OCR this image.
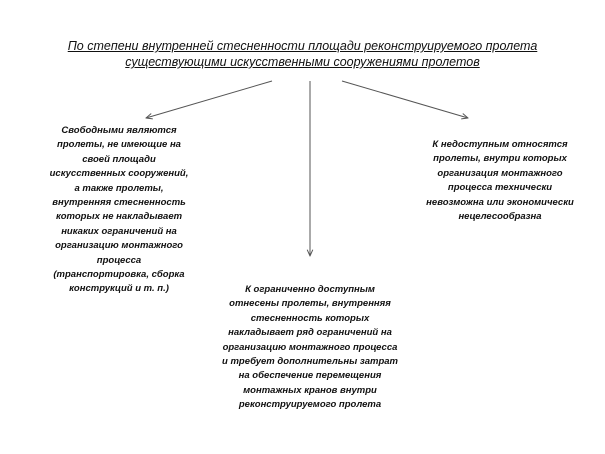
По степени внутренней стесненности площади реконструируемого пролета
существующими искусственными сооружениями пролетов
Свободными являются
пролеты, не имеющие на
своей площади
искусственных сооружений,
а также пролеты,
внутренняя стесненность
которых не накладывает
никаких ограничений на
организацию монтажного
процесса
(транспортировка, сборка
конструкций и т. п.)
К недоступным относятся
пролеты, внутри которых
организация монтажного
процесса технически
невозможна или экономически
нецелесообразна
К ограниченно доступным
отнесены пролеты, внутренняя
стесненность которых
накладывает ряд ограничений на
организацию монтажного процесса
и требует дополнительны затрат
на обеспечение перемещения
монтажных кранов внутри
реконструируемого пролета
